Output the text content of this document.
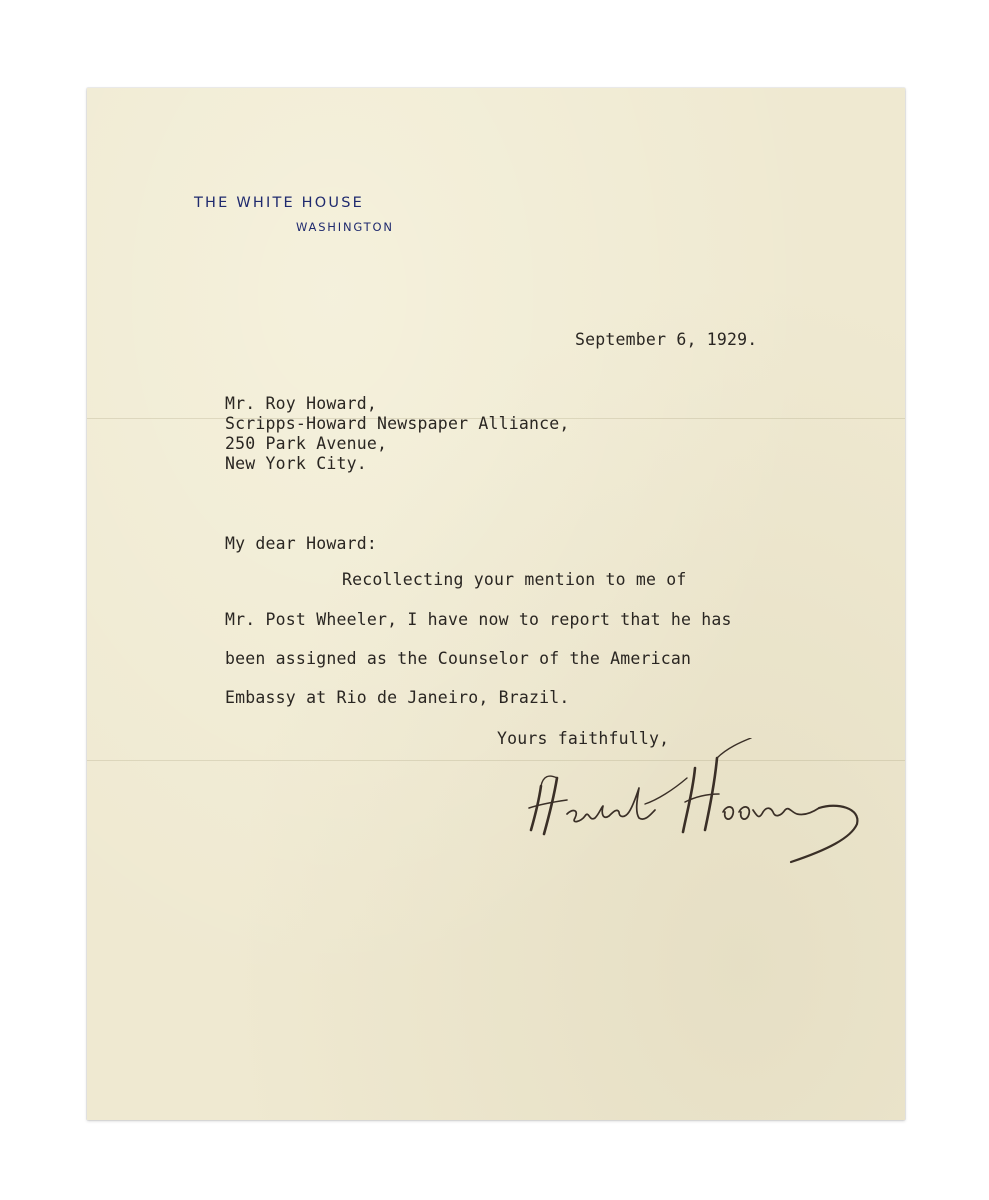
THE WHITE HOUSE
WASHINGTON
September 6, 1929.
Mr. Roy Howard,
Scripps-Howard Newspaper Alliance,
250 Park Avenue,
New York City.
My dear Howard:
Recollecting your mention to me of
Mr. Post Wheeler, I have now to report that he has
been assigned as the Counselor of the American
Embassy at Rio de Janeiro, Brazil.
Yours faithfully,
